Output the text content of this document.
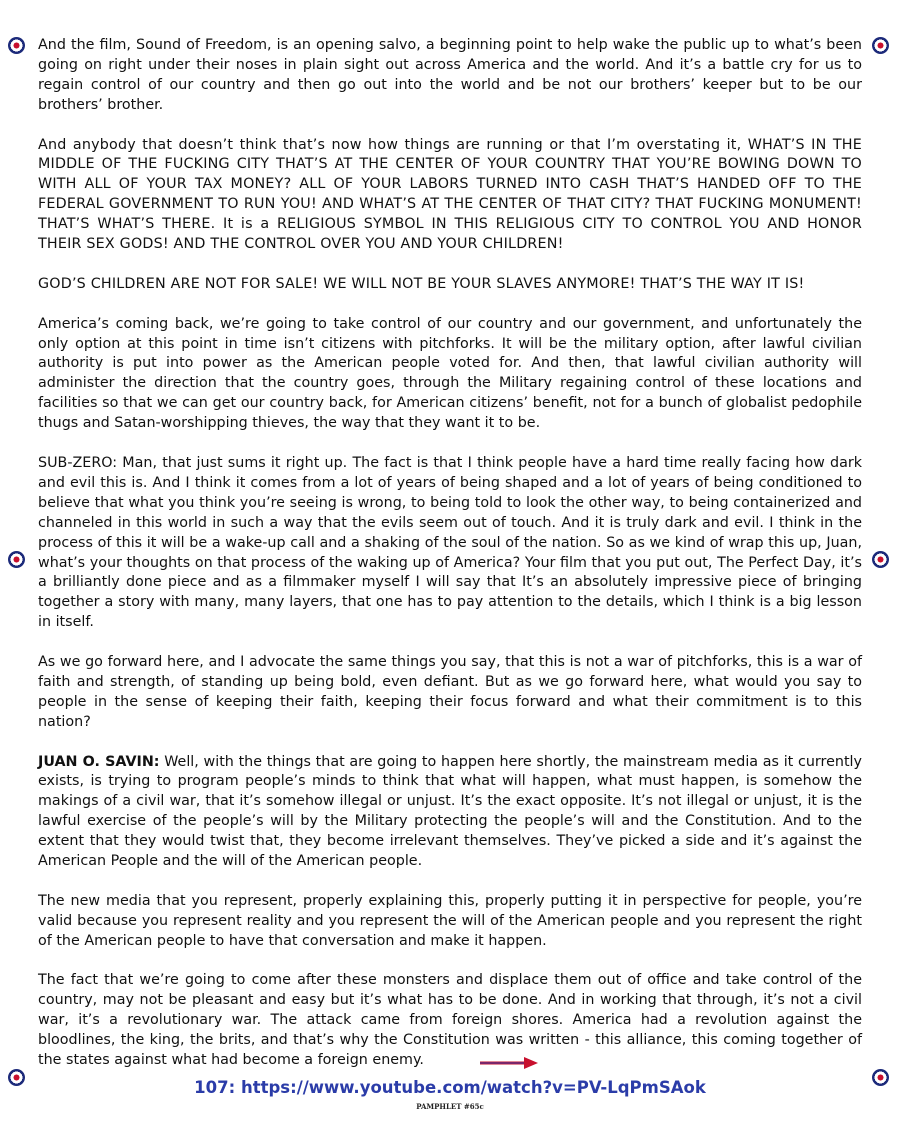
And the film, Sound of Freedom, is an opening salvo, a beginning point to help wake the public up to what’s been going on right under their noses in plain sight out across America and the world. And it’s a battle cry for us to regain control of our country and then go out into the world and be not our brothers’ keeper but to be our brothers’ brother.

And anybody that doesn’t think that’s now how things are running or that I’m overstating it, WHAT’S IN THE MIDDLE OF THE FUCKING CITY THAT’S AT THE CENTER OF YOUR COUNTRY THAT YOU’RE BOWING DOWN TO WITH ALL OF YOUR TAX MONEY? ALL OF YOUR LABORS TURNED INTO CASH THAT’S HANDED OFF TO THE FEDERAL GOVERNMENT TO RUN YOU! AND WHAT’S AT THE CENTER OF THAT CITY? THAT FUCKING MONUMENT! THAT’S WHAT’S THERE. It is a RELIGIOUS SYMBOL IN THIS RELIGIOUS CITY TO CONTROL YOU AND HONOR THEIR SEX GODS! AND THE CONTROL OVER YOU AND YOUR CHILDREN!

GOD’S CHILDREN ARE NOT FOR SALE! WE WILL NOT BE YOUR SLAVES ANYMORE! THAT’S THE WAY IT IS!

America’s coming back, we’re going to take control of our country and our government, and unfortunately the only option at this point in time isn’t citizens with pitchforks. It will be the military option, after lawful civilian authority is put into power as the American people voted for. And then, that lawful civilian authority will administer the direction that the country goes, through the Military regaining control of these locations and facilities so that we can get our country back, for American citizens’ benefit, not for a bunch of globalist pedophile thugs and Satan-worshipping thieves, the way that they want it to be.

SUB-ZERO: Man, that just sums it right up. The fact is that I think people have a hard time really facing how dark and evil this is. And I think it comes from a lot of years of being shaped and a lot of years of being conditioned to believe that what you think you’re seeing is wrong, to being told to look the other way, to being containerized and channeled in this world in such a way that the evils seem out of touch. And it is truly dark and evil. I think in the process of this it will be a wake-up call and a shaking of the soul of the nation. So as we kind of wrap this up, Juan, what’s your thoughts on that process of the waking up of America? Your film that you put out, The Perfect Day, it’s a brilliantly done piece and as a filmmaker myself I will say that It’s an absolutely impressive piece of bringing together a story with many, many layers, that one has to pay attention to the details, which I think is a big lesson in itself.

As we go forward here, and I advocate the same things you say, that this is not a war of pitchforks, this is a war of faith and strength, of standing up being bold, even defiant. But as we go forward here, what would you say to people in the sense of keeping their faith, keeping their focus forward and what their commitment is to this nation?

JUAN O. SAVIN: Well, with the things that are going to happen here shortly, the mainstream media as it currently exists, is trying to program people’s minds to think that what will happen, what must happen, is somehow the makings of a civil war, that it’s somehow illegal or unjust. It’s the exact opposite. It’s not illegal or unjust, it is the lawful exercise of the people’s will by the Military protecting the people’s will and the Constitution. And to the extent that they would twist that, they become irrelevant themselves. They’ve picked a side and it’s against the American People and the will of the American people.

The new media that you represent, properly explaining this, properly putting it in perspective for people, you’re valid because you represent reality and you represent the will of the American people and you represent the right of the American people to have that conversation and make it happen.

The fact that we’re going to come after these monsters and displace them out of office and take control of the country, may not be pleasant and easy but it’s what has to be done. And in working that through, it’s not a civil war, it’s a revolutionary war. The attack came from foreign shores. America had a revolution against the bloodlines, the king, the brits, and that’s why the Constitution was written - this alliance, this coming together of the states against what had become a foreign enemy.

107: https://www.youtube.com/watch?v=PV-LqPmSAok
PAMPHLET #65c
